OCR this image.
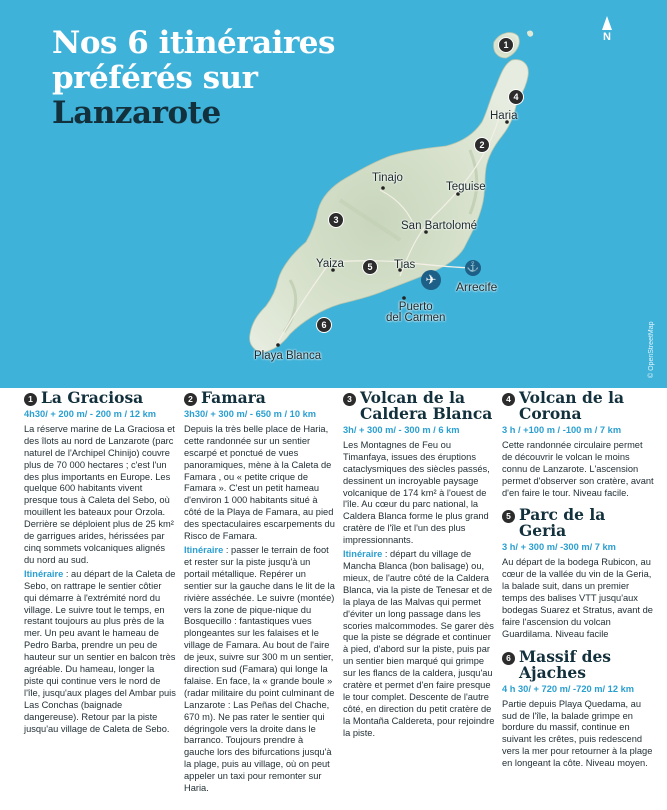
Nos 6 itinéraires
préférés sur
Lanzarote
N
Haria
Tinajo
Teguise
San Bartolomé
Yaiza	Tias
Arrecife
Puerto
del Carmen
Playa Blanca
✈
⚓
1
2
3
4
5
6	© OpenStreetMap
1 La Graciosa
4h30/ + 200 m/ - 200 m / 12 km

La réserve marine de La Graciosa et des îlots au nord de Lanzarote (parc naturel de l'Archipel Chinijo) couvre plus de 70 000 hectares ; c'est l'un des plus importants en Europe. Les quelque 600 habitants vivent presque tous à Caleta del Sebo, où mouillent les bateaux pour Orzola. Derrière se déploient plus de 25 km² de garrigues arides, hérissées par cinq sommets volcaniques alignés du nord au sud.

Itinéraire : au départ de la Caleta de Sebo, on rattrape le sentier côtier qui démarre à l'extrémité nord du village. Le suivre tout le temps, en restant toujours au plus près de la mer. Un peu avant le hameau de Pedro Barba, prendre un peu de hauteur sur un sentier en balcon très agréable. Du hameau, longer la piste qui continue vers le nord de l'île, jusqu'aux plages del Ambar puis Las Conchas (baignade dangereuse). Retour par la piste jusqu'au village de Caleta de Sebo.

2 Famara
3h30/ + 300 m/ - 650 m / 10 km

Depuis la très belle place de Haria, cette randonnée sur un sentier escarpé et ponctué de vues panoramiques, mène à la Caleta de Famara , ou « petite crique de Famara ». C'est un petit hameau d'environ 1 000 habitants situé à côté de la Playa de Famara, au pied des spectaculaires escarpements du Risco de Famara.

Itinéraire : passer le terrain de foot et rester sur la piste jusqu'à un portail métallique. Repérer un sentier sur la gauche dans le lit de la rivière asséchée. Le suivre (montée) vers la zone de pique-nique du Bosquecillo : fantastiques vues plongeantes sur les falaises et le village de Famara. Au bout de l'aire de jeux, suivre sur 300 m un sentier, direction sud (Famara) qui longe la falaise. En face, la « grande boule » (radar militaire du point culminant de Lanzarote : Las Peñas del Chache, 670 m). Ne pas rater le sentier qui dégringole vers la droite dans le barranco. Toujours prendre à gauche lors des bifurcations jusqu'à la plage, puis au village, où on peut appeler un taxi pour remonter sur Haria.

3 Volcan de la Caldera Blanca
3h/ + 300 m/ - 300 m / 6 km

Les Montagnes de Feu ou Timanfaya, issues des éruptions cataclysmiques des siècles passés, dessinent un incroyable paysage volcanique de 174 km² à l'ouest de l'île. Au cœur du parc national, la Caldera Blanca forme le plus grand cratère de l'île et l'un des plus impressionnants.

Itinéraire : départ du village de Mancha Blanca (bon balisage) ou, mieux, de l'autre côté de la Caldera Blanca, via la piste de Tenesar et de la playa de las Malvas qui permet d'éviter un long passage dans les scories malcommodes. Se garer dès que la piste se dégrade et continuer à pied, d'abord sur la piste, puis par un sentier bien marqué qui grimpe sur les flancs de la caldera, jusqu'au cratère et permet d'en faire presque le tour complet. Descente de l'autre côté, en direction du petit cratère de la Montaña Caldereta, pour rejoindre la piste.

4 Volcan de la Corona
3 h / +100 m / -100 m / 7 km

Cette randonnée circulaire permet de découvrir le volcan le moins connu de Lanzarote. L'ascension permet d'observer son cratère, avant d'en faire le tour. Niveau facile.

5 Parc de la Geria
3 h/ + 300 m/ -300 m/ 7 km

Au départ de la bodega Rubicon, au cœur de la vallée du vin de la Geria, la balade suit, dans un premier temps des balises VTT jusqu'aux bodegas Suarez et Stratus, avant de faire l'ascension du volcan Guardilama. Niveau facile

6 Massif des Ajaches
4 h 30/ + 720 m/ -720 m/ 12 km

Partie depuis Playa Quedama, au sud de l'île, la balade grimpe en bordure du massif, continue en suivant les crêtes, puis redescend vers la mer pour retourner à la plage en longeant la côte. Niveau moyen.
